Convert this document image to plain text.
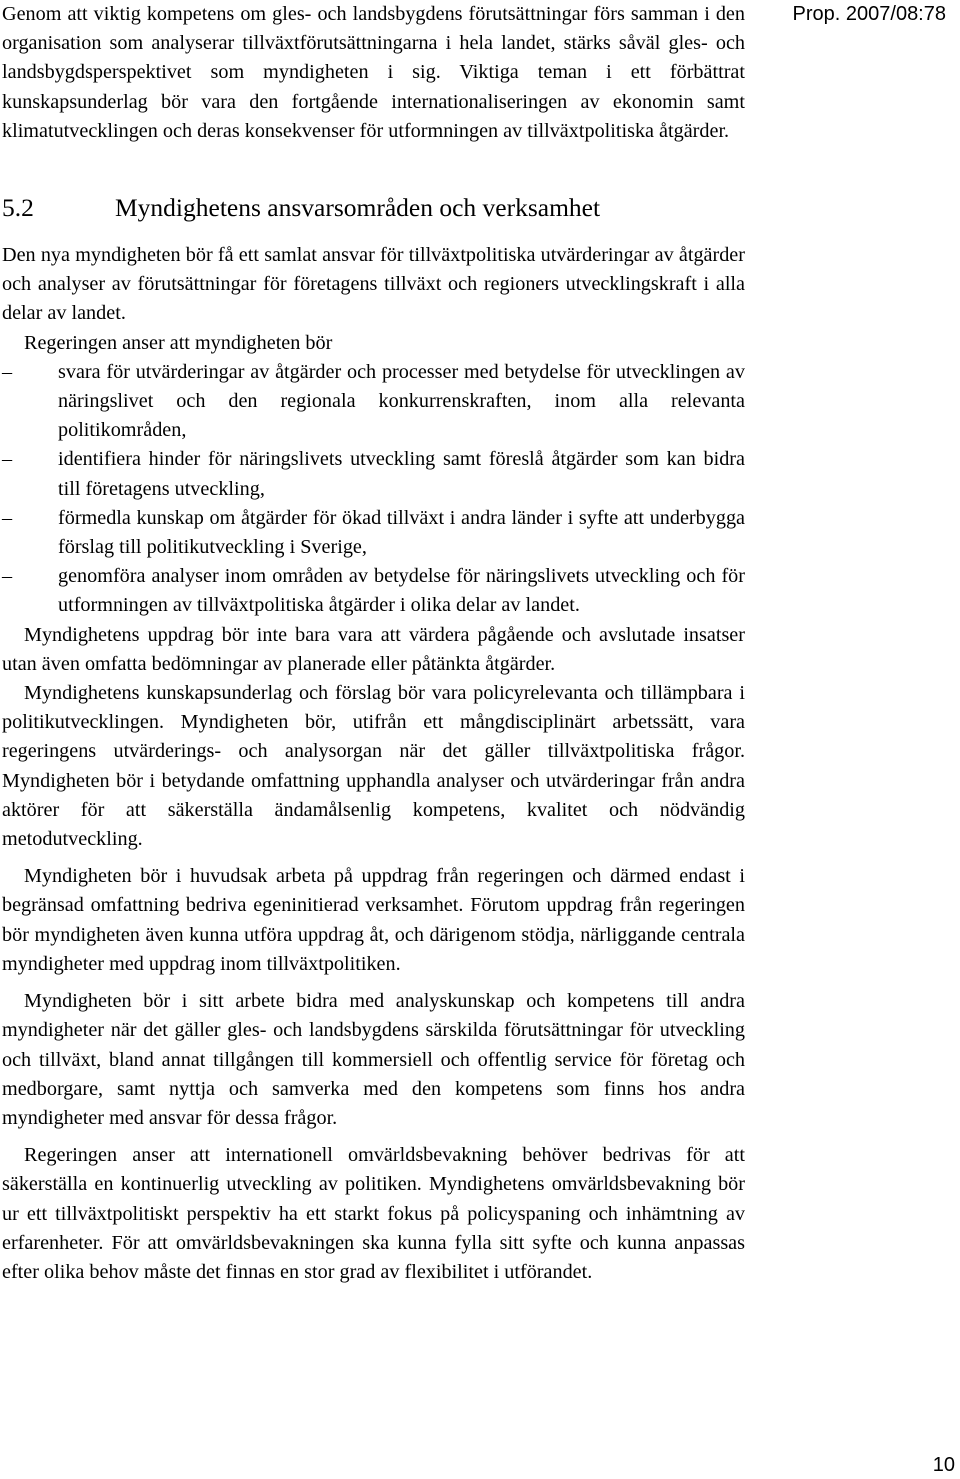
Prop. 2007/08:78

Genom att viktig kompetens om gles- och landsbygdens förutsättningar förs samman i den organisation som analyserar tillväxtförutsättningarna i hela landet, stärks såväl gles- och landsbygdsperspektivet som myndigheten i sig. Viktiga teman i ett förbättrat kunskapsunderlag bör vara den fortgående internationaliseringen av ekonomin samt klimatutvecklingen och deras konsekvenser för utformningen av tillväxtpolitiska åtgärder.

5.2	Myndighetens ansvarsområden och verksamhet

Den nya myndigheten bör få ett samlat ansvar för tillväxtpolitiska utvärderingar av åtgärder och analyser av förutsättningar för företagens tillväxt och regioners utvecklingskraft i alla delar av landet.

Regeringen anser att myndigheten bör

–	svara för utvärderingar av åtgärder och processer med betydelse för utvecklingen av näringslivet och den regionala konkurrenskraften, inom alla relevanta politikområden,
–	identifiera hinder för näringslivets utveckling samt föreslå åtgärder som kan bidra till företagens utveckling,
–	förmedla kunskap om åtgärder för ökad tillväxt i andra länder i syfte att underbygga förslag till politikutveckling i Sverige,
–	genomföra analyser inom områden av betydelse för näringslivets utveckling och för utformningen av tillväxtpolitiska åtgärder i olika delar av landet.

Myndighetens uppdrag bör inte bara vara att värdera pågående och avslutade insatser utan även omfatta bedömningar av planerade eller påtänkta åtgärder.

Myndighetens kunskapsunderlag och förslag bör vara policyrelevanta och tillämpbara i politikutvecklingen. Myndigheten bör, utifrån ett mångdisciplinärt arbetssätt, vara regeringens utvärderings- och analysorgan när det gäller tillväxtpolitiska frågor. Myndigheten bör i betydande omfattning upphandla analyser och utvärderingar från andra aktörer för att säkerställa ändamålsenlig kompetens, kvalitet och nödvändig metodutveckling.

Myndigheten bör i huvudsak arbeta på uppdrag från regeringen och därmed endast i begränsad omfattning bedriva egeninitierad verksamhet. Förutom uppdrag från regeringen bör myndigheten även kunna utföra uppdrag åt, och därigenom stödja, närliggande centrala myndigheter med uppdrag inom tillväxtpolitiken.

Myndigheten bör i sitt arbete bidra med analyskunskap och kompetens till andra myndigheter när det gäller gles- och landsbygdens särskilda förutsättningar för utveckling och tillväxt, bland annat tillgången till kommersiell och offentlig service för företag och medborgare, samt nyttja och samverka med den kompetens som finns hos andra myndigheter med ansvar för dessa frågor.

Regeringen anser att internationell omvärldsbevakning behöver bedrivas för att säkerställa en kontinuerlig utveckling av politiken. Myndighetens omvärldsbevakning bör ur ett tillväxtpolitiskt perspektiv ha ett starkt fokus på policyspaning och inhämtning av erfarenheter. För att omvärldsbevakningen ska kunna fylla sitt syfte och kunna anpassas efter olika behov måste det finnas en stor grad av flexibilitet i utförandet.

10
